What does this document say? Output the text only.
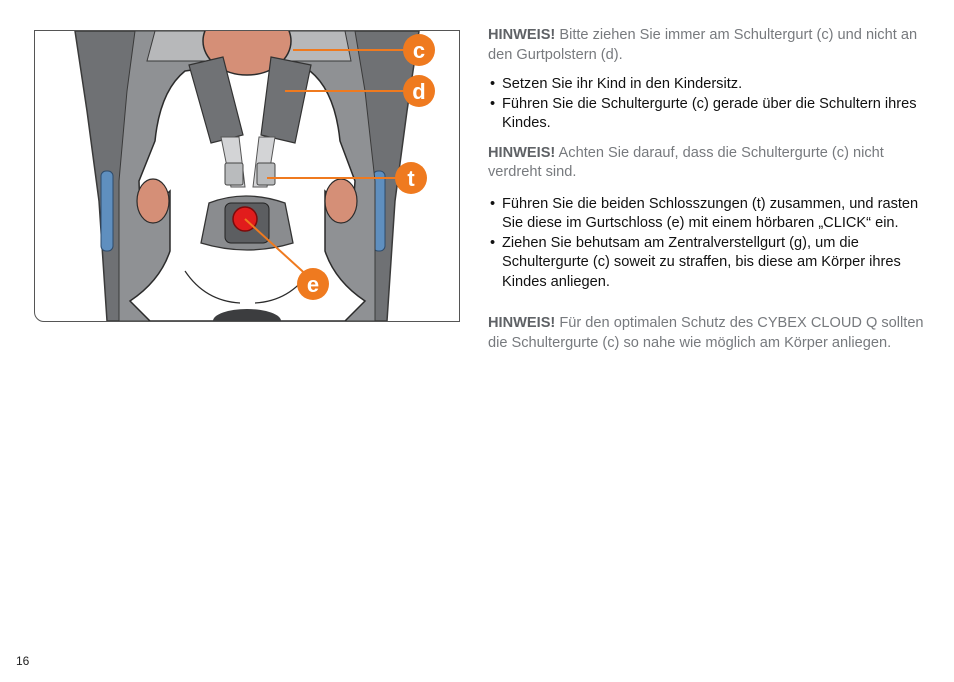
c
d
t
e

HINWEIS! Bitte ziehen Sie immer am Schultergurt (c) und nicht an den Gurtpolstern (d).

• Setzen Sie ihr Kind in den Kindersitz.
• Führen Sie die Schultergurte (c) gerade über die Schultern ihres Kindes.

HINWEIS! Achten Sie darauf, dass die Schultergurte (c) nicht verdreht sind.

• Führen Sie die beiden Schlosszungen (t) zusammen, und rasten Sie diese im Gurtschloss (e) mit einem hörbaren „CLICK“ ein.
• Ziehen Sie behutsam am Zentralverstellgurt (g), um die Schultergurte (c) soweit zu straffen, bis diese am Körper ihres Kindes anliegen.

HINWEIS! Für den optimalen Schutz des CYBEX CLOUD Q sollten die Schultergurte (c) so nahe wie möglich am Körper anliegen.

16
